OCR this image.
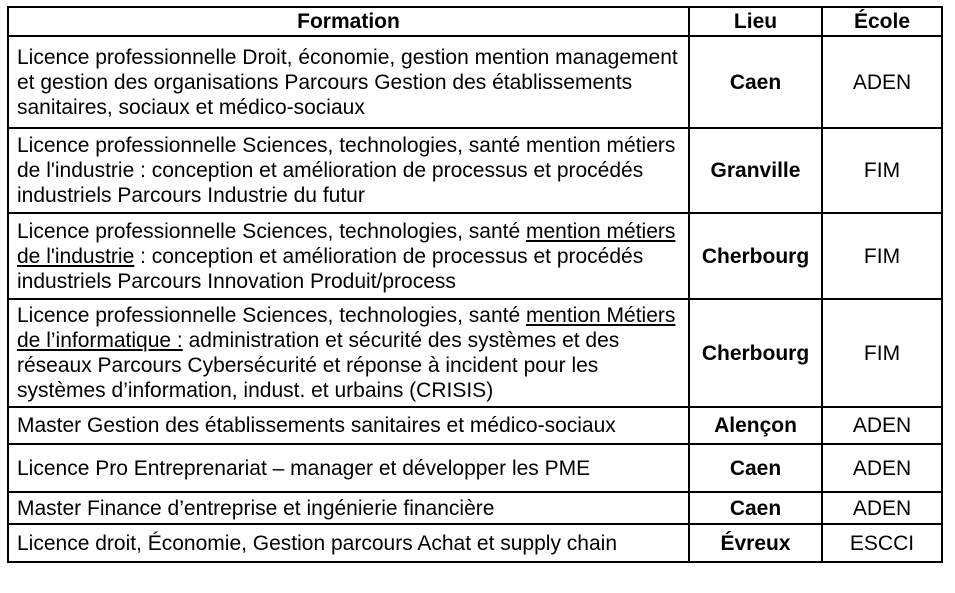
Formation	Lieu	École
Licence professionnelle Droit, économie, gestion mention management et gestion des organisations Parcours Gestion des établissements sanitaires, sociaux et médico-sociaux	Caen	ADEN
Licence professionnelle Sciences, technologies, santé mention métiers de l'industrie : conception et amélioration de processus et procédés industriels Parcours Industrie du futur	Granville	FIM
Licence professionnelle Sciences, technologies, santé mention métiers de l'industrie : conception et amélioration de processus et procédés industriels Parcours Innovation Produit/process	Cherbourg	FIM
Licence professionnelle Sciences, technologies, santé mention Métiers de l’informatique : administration et sécurité des systèmes et des réseaux Parcours Cybersécurité et réponse à incident pour les systèmes d’information, indust. et urbains (CRISIS)	Cherbourg	FIM
Master Gestion des établissements sanitaires et médico-sociaux	Alençon	ADEN
Licence Pro Entreprenariat – manager et développer les PME	Caen	ADEN
Master Finance d’entreprise et ingénierie financière	Caen	ADEN
Licence droit, Économie, Gestion parcours Achat et supply chain	Évreux	ESCCI
